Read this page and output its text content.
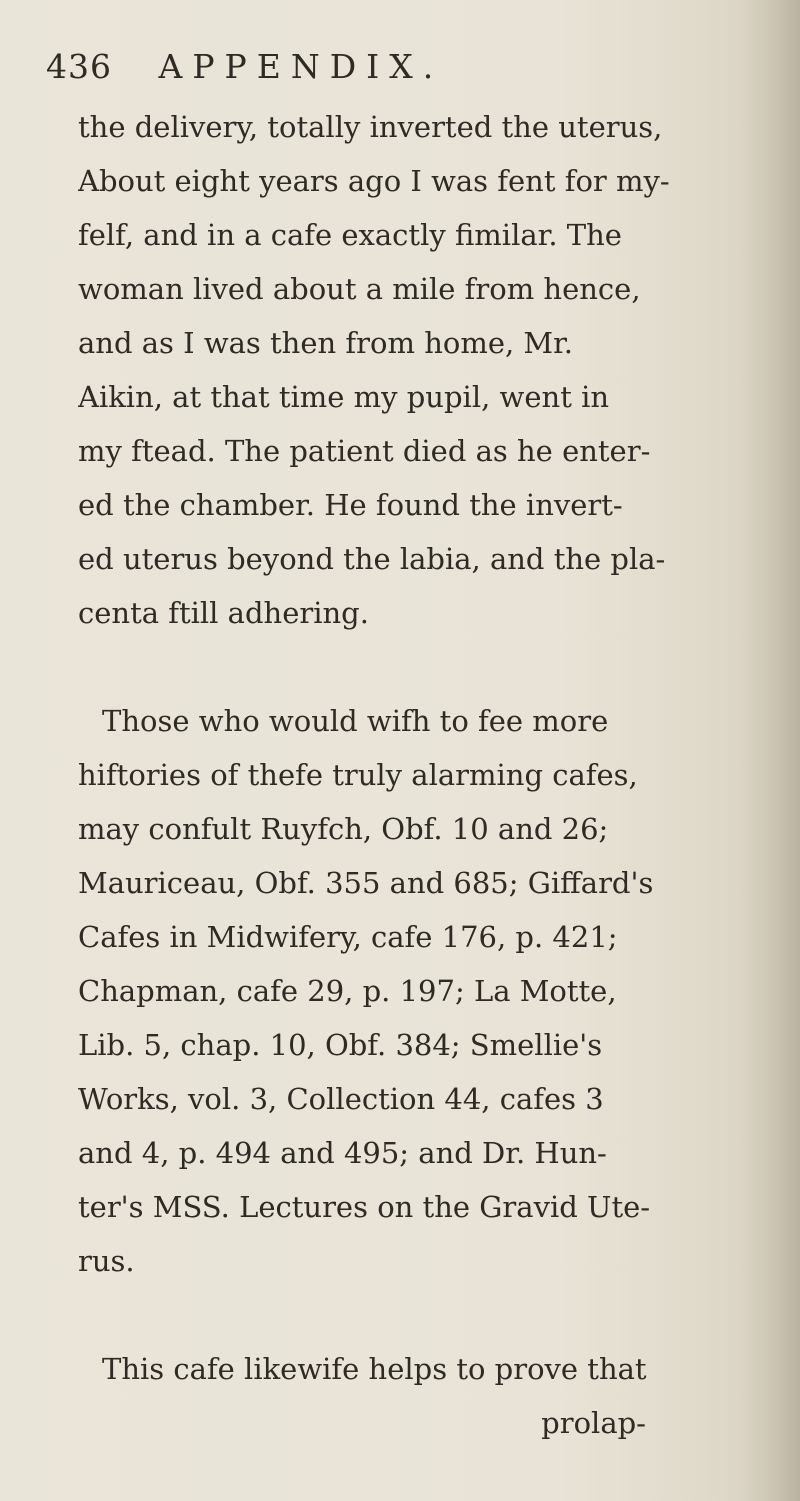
436 APPENDIX.
the delivery, totally inverted the uterus,
About eight years ago I was fent for my-
felf, and in a cafe exactly fimilar. The
woman lived about a mile from hence,
and as I was then from home, Mr.
Aikin, at that time my pupil, went in
my ftead. The patient died as he enter-
ed the chamber. He found the invert-
ed uterus beyond the labia, and the pla-
centa ftill adhering.
Those who would wifh to fee more
hiftories of thefe truly alarming cafes,
may confult Ruyfch, Obf. 10 and 26;
Mauriceau, Obf. 355 and 685; Giffard's
Cafes in Midwifery, cafe 176, p. 421;
Chapman, cafe 29, p. 197; La Motte,
Lib. 5, chap. 10, Obf. 384; Smellie's
Works, vol. 3, Collection 44, cafes 3
and 4, p. 494 and 495; and Dr. Hun-
ter's MSS. Lectures on the Gravid Ute-
rus.
This cafe likewife helps to prove that
prolap-
